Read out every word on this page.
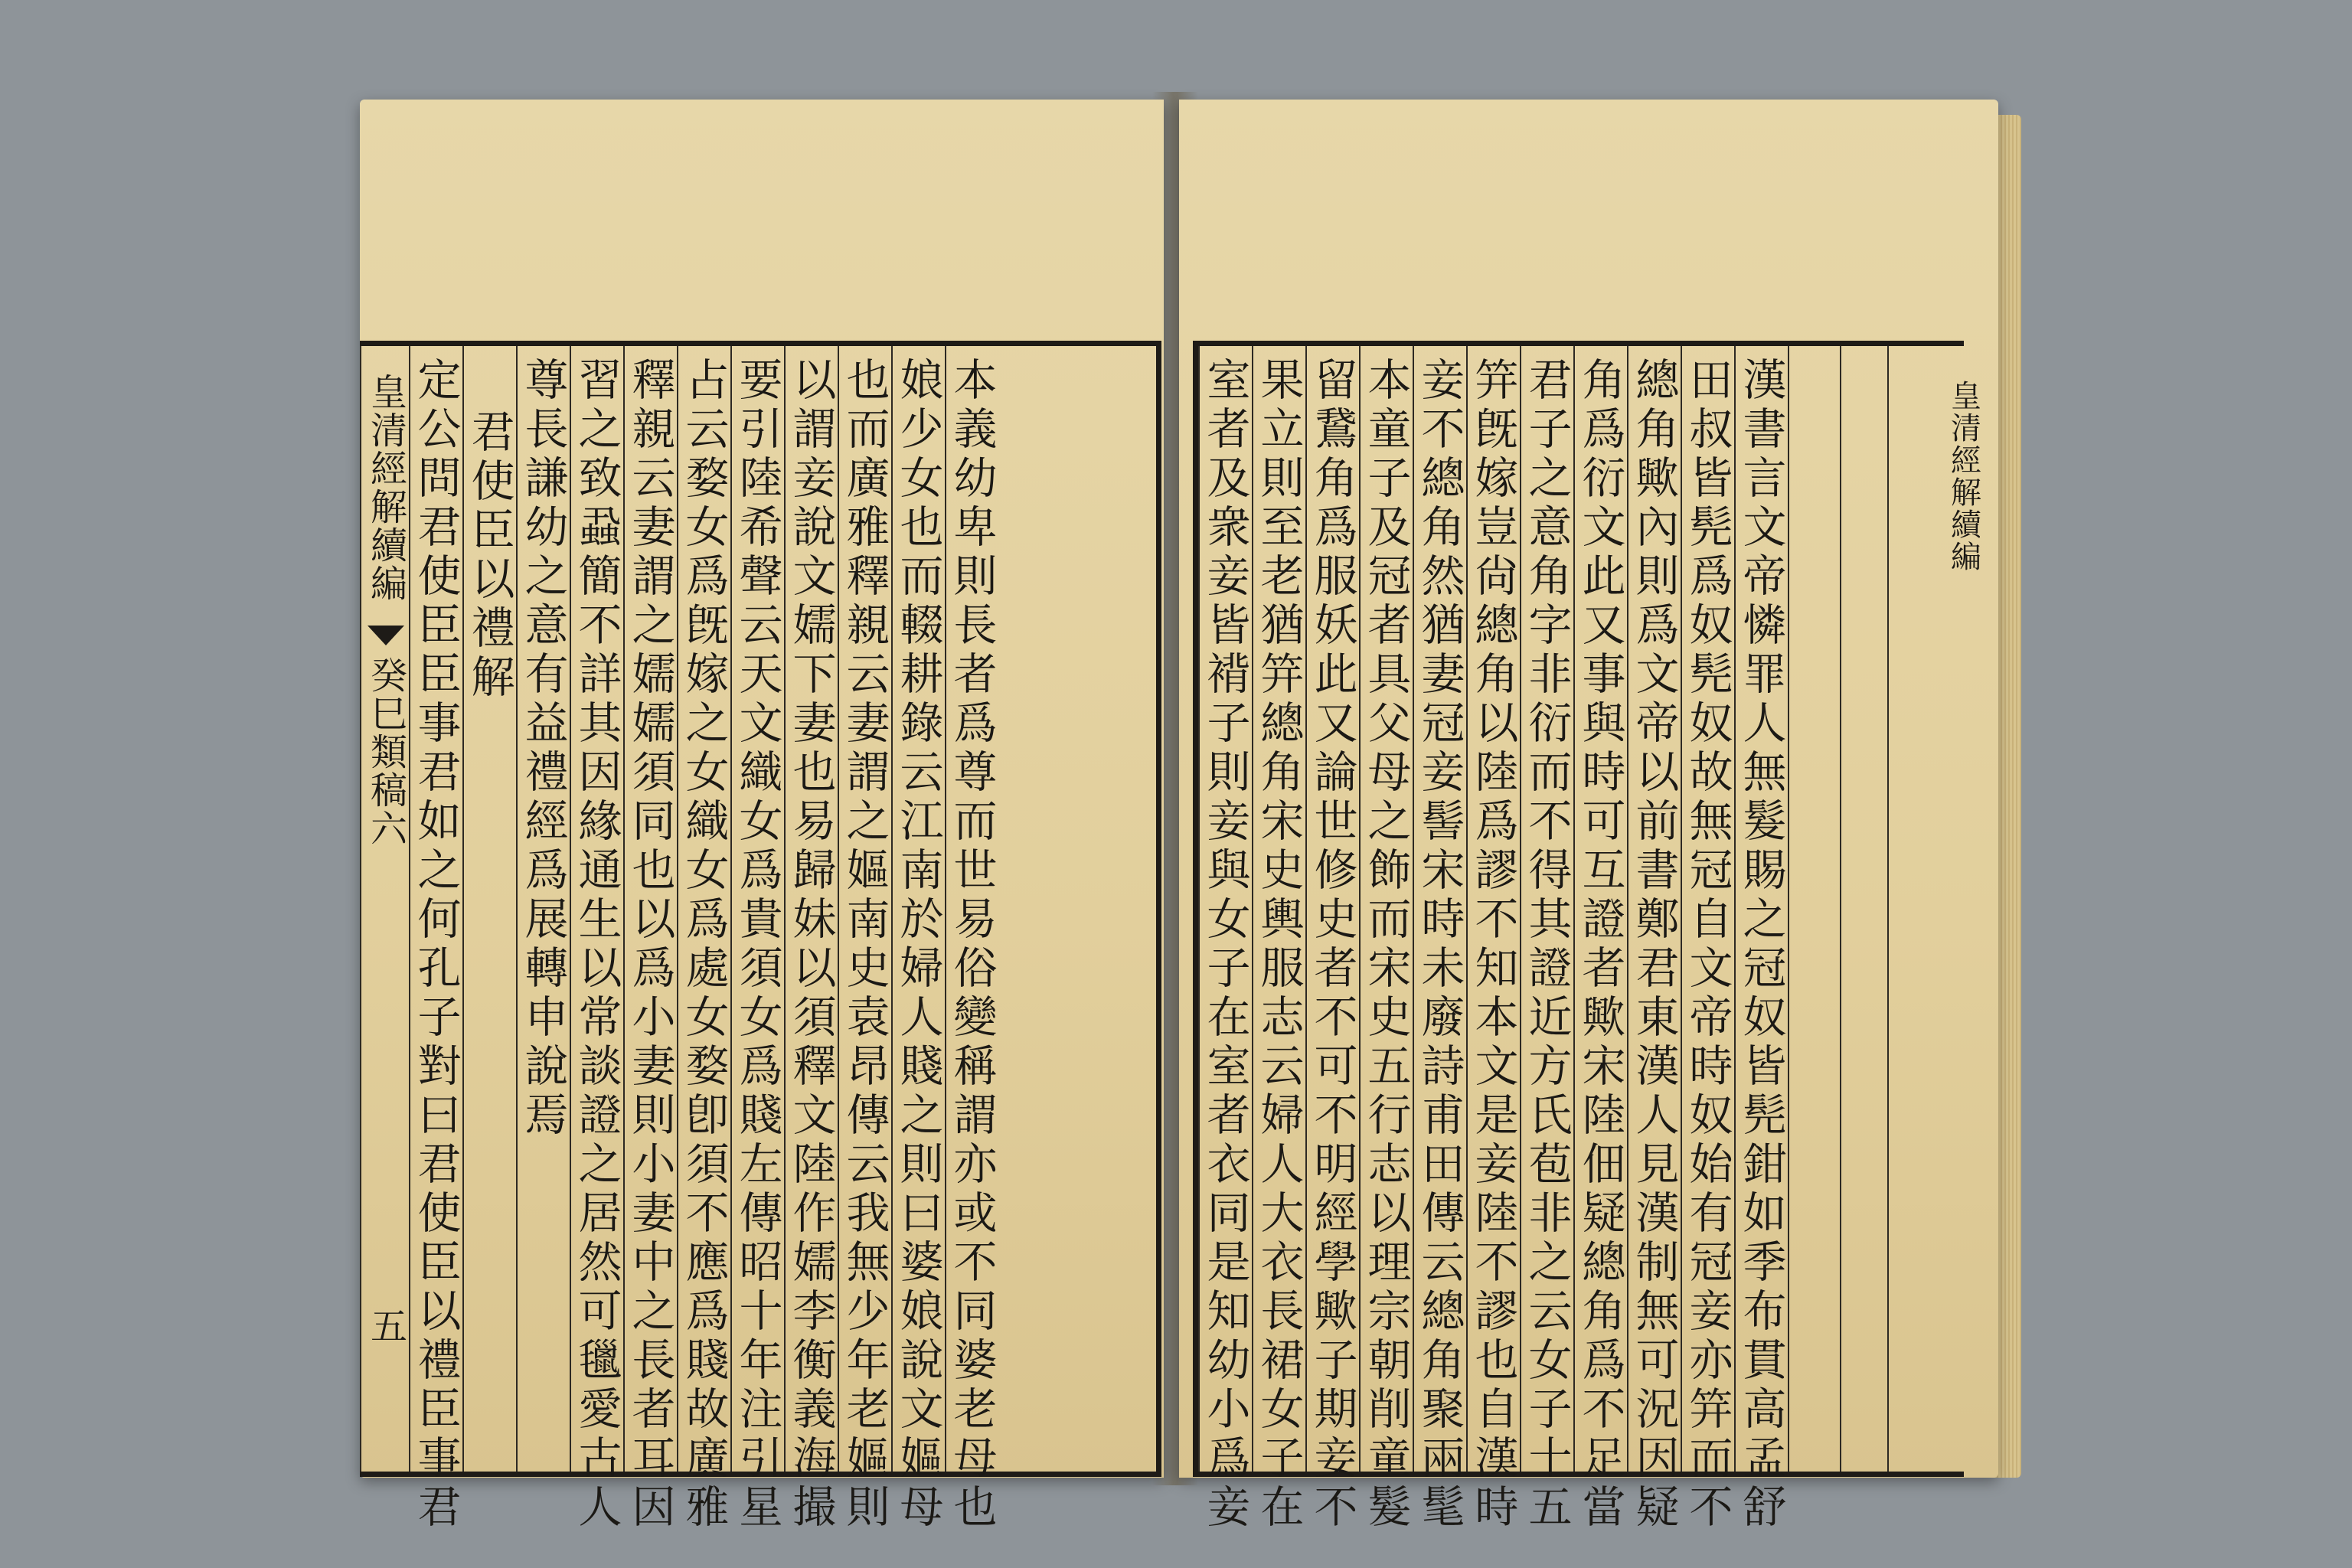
皇清經解續編
癸巳類稿六
五 定公問君使臣臣事君如之何孔子對曰君使臣以禮臣事君 君使臣以禮解 尊長謙幼之意有益禮經爲展轉申說焉 習之致蝨簡不詳其因緣通生以常談證之居然可㲱愛古人 釋親云妻謂之嬬嬬須同也以爲小妻則小妻中之長者耳因 占云婺女爲旣嫁之女織女爲處女婺卽須不應爲賤故廣雅 要引陸希聲云天文織女爲貴須女爲賤左傳昭十年注引星 以謂妾說文嬬下妻也易歸妹以須釋文陸作嬬李衡義海撮 也而廣雅釋親云妻謂之嫗南史袁昂傳云我無少年老嫗則 娘少女也而輟耕錄云江南於婦人賤之則曰婆娘說文嫗母 本義幼卑則長者爲尊而世易俗變稱謂亦或不同婆老母也	室者及衆妾皆褙子則妾與女子在室者衣同是知幼小爲妾 果立則至老猶笄總角宋史輿服志云婦人大衣長裙女子在 留鵞角爲服妖此又論世修史者不可不明經學歟子期妾不 本童子及冠者具父母之飾而宋史五行志以理宗朝削童髮 妾不總角然猶妻冠妾髻宋時未廢詩甫田傳云總角聚兩髦 笄旣嫁豈尙總角以陸爲謬不知本文是妾陸不謬也自漢時 君子之意角字非衍而不得其證近方氏苞非之云女子十五 角爲衍文此又事與時可互證者歟宋陸佃疑總角爲不足當 總角歟內則爲文帝以前書鄭君東漢人見漢制無可況因疑 田叔皆髡爲奴髡奴故無冠自文帝時奴始有冠妾亦笄而不 漢書言文帝憐罪人無髮賜之冠奴皆髡鉗如季布貫高孟舒	皇清經解續編
